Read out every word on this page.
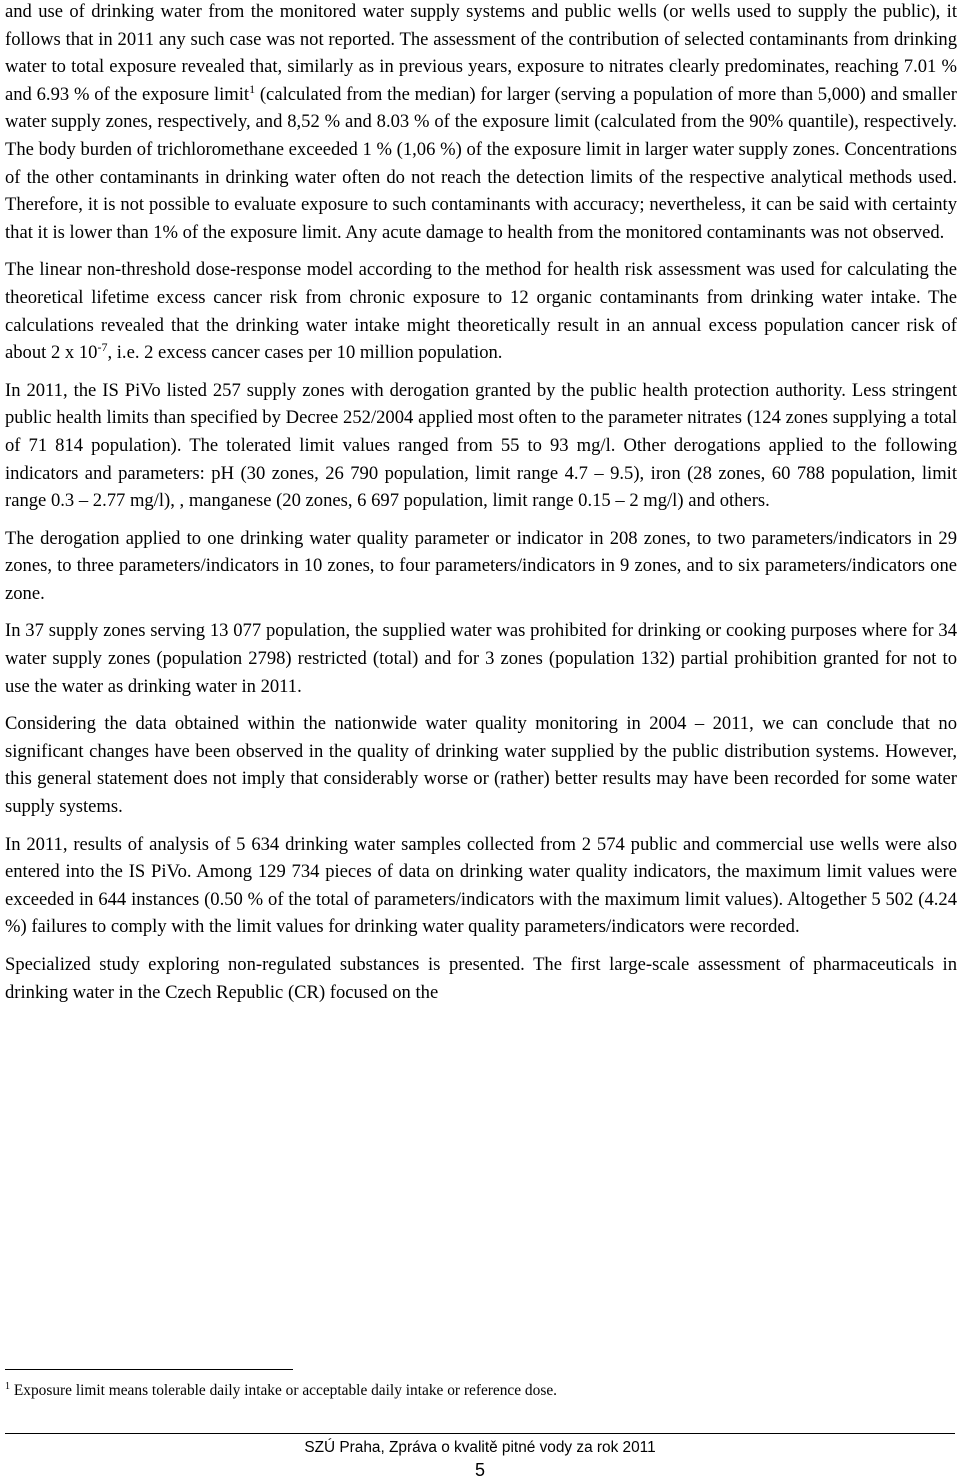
and use of drinking water from the monitored water supply systems and public wells (or wells used to supply the public), it follows that in 2011 any such case was not reported. The assessment of the contribution of selected contaminants from drinking water to total exposure revealed that, similarly as in previous years, exposure to nitrates clearly predominates, reaching 7.01 % and 6.93 % of the exposure limit$^1$ (calculated from the median) for larger (serving a population of more than 5,000) and smaller water supply zones, respectively, and 8,52 % and 8.03 % of the exposure limit (calculated from the 90% quantile), respectively. The body burden of trichloromethane exceeded 1 % (1,06 %) of the exposure limit in larger water supply zones. Concentrations of the other contaminants in drinking water often do not reach the detection limits of the respective analytical methods used. Therefore, it is not possible to evaluate exposure to such contaminants with accuracy; nevertheless, it can be said with certainty that it is lower than 1% of the exposure limit. Any acute damage to health from the monitored contaminants was not observed.

The linear non-threshold dose-response model according to the method for health risk assessment was used for calculating the theoretical lifetime excess cancer risk from chronic exposure to 12 organic contaminants from drinking water intake. The calculations revealed that the drinking water intake might theoretically result in an annual excess population cancer risk of about 2 x $10^{-7}$, i.e. 2 excess cancer cases per 10 million population.

In 2011, the IS PiVo listed 257 supply zones with derogation granted by the public health protection authority. Less stringent public health limits than specified by Decree 252/2004 applied most often to the parameter nitrates (124 zones supplying a total of 71 814 population). The tolerated limit values ranged from 55 to 93 mg/l. Other derogations applied to the following indicators and parameters: pH (30 zones, 26 790 population, limit range 4.7 – 9.5), iron (28 zones, 60 788 population, limit range 0.3 – 2.77 mg/l), , manganese (20 zones, 6 697 population, limit range 0.15 – 2 mg/l) and others.

The derogation applied to one drinking water quality parameter or indicator in 208 zones, to two parameters/indicators in 29 zones, to three parameters/indicators in 10 zones, to four parameters/indicators in 9 zones, and to six parameters/indicators one zone.

In 37 supply zones serving 13 077 population, the supplied water was prohibited for drinking or cooking purposes where for 34 water supply zones (population 2798) restricted (total) and for 3 zones (population 132) partial prohibition granted for not to use the water as drinking water in 2011.

Considering the data obtained within the nationwide water quality monitoring in 2004 – 2011, we can conclude that no significant changes have been observed in the quality of drinking water supplied by the public distribution systems. However, this general statement does not imply that considerably worse or (rather) better results may have been recorded for some water supply systems.

In 2011, results of analysis of 5 634 drinking water samples collected from 2 574 public and commercial use wells were also entered into the IS PiVo. Among 129 734 pieces of data on drinking water quality indicators, the maximum limit values were exceeded in 644 instances (0.50 % of the total of parameters/indicators with the maximum limit values). Altogether 5 502 (4.24 %) failures to comply with the limit values for drinking water quality parameters/indicators were recorded.

Specialized study exploring non-regulated substances is presented. The first large-scale assessment of pharmaceuticals in drinking water in the Czech Republic (CR) focused on the

$^1$ Exposure limit means tolerable daily intake or acceptable daily intake or reference dose.
SZÚ Praha, Zpráva o kvalitě pitné vody za rok 2011
5
